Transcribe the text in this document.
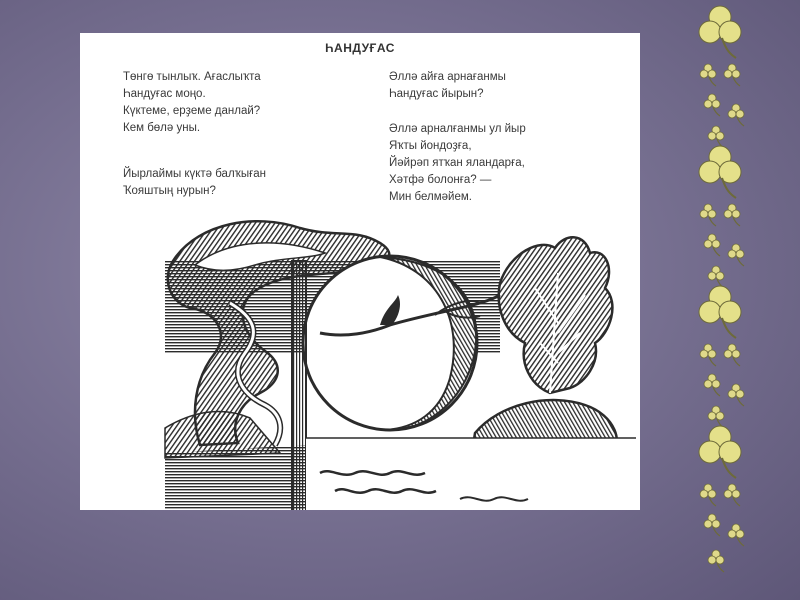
ҺАНДУҒАС
Төнгө тынлыҡ. Ағаслыҡта
Һандуғас моңо.
Күктеме, ерҙеме данлай?
Кем бөлә уны.
Йырлаймы күктә балҡыған
Ҡояштың нурын?
Әллә айға арнағанмы
Һандуғас йырын?
Әллә арналғанмы ул йыр
Яҡты йондоҙға,
Йәйрәп ятҡан яландарға,
Хәтфә болонға? —
Мин белмәйем.
